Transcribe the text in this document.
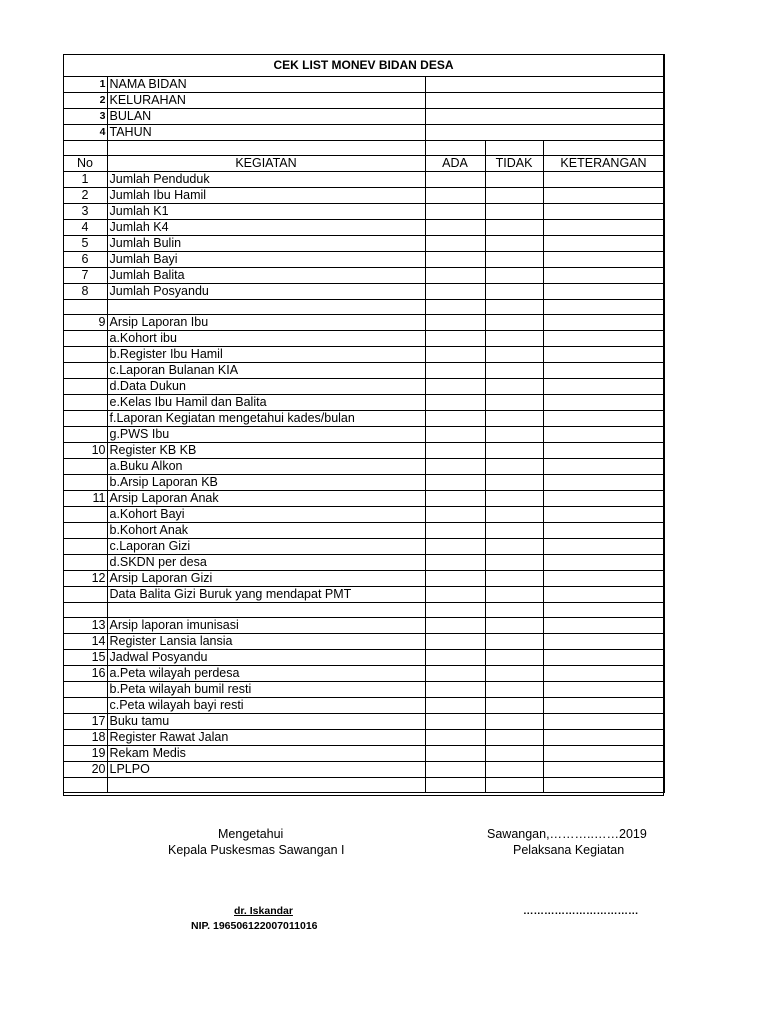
CEK LIST MONEV BIDAN DESA				
1	NAMA BIDAN			
2	KELURAHAN			
3	BULAN			
4	TAHUN			

No	KEGIATAN	ADA	TIDAK	KETERANGAN
1	Jumlah Penduduk			
2	Jumlah Ibu Hamil			
3	Jumlah K1			
4	Jumlah K4			
5	Jumlah Bulin			
6	Jumlah Bayi			
7	Jumlah Balita			
8	Jumlah Posyandu			

9	Arsip Laporan Ibu			
	a.Kohort ibu			
	b.Register Ibu Hamil			
	c.Laporan Bulanan KIA			
	d.Data Dukun			
	e.Kelas Ibu Hamil dan Balita			
	f.Laporan Kegiatan mengetahui kades/bulan			
	g.PWS Ibu			
10	Register KB KB			
	a.Buku Alkon			
	b.Arsip Laporan KB			
11	Arsip Laporan Anak			
	a.Kohort Bayi			
	b.Kohort Anak			
	c.Laporan Gizi			
	d.SKDN per desa			
12	Arsip Laporan Gizi			
	Data Balita Gizi Buruk yang mendapat PMT			

13	Arsip laporan imunisasi			
14	Register Lansia lansia			
15	Jadwal Posyandu			
16	a.Peta wilayah perdesa			
	b.Peta wilayah bumil resti			
	c.Peta wilayah bayi resti			
17	Buku tamu			
18	Register Rawat Jalan			
19	Rekam Medis			
20	LPLPO			

Mengetahui
Kepala Puskesmas Sawangan I
dr. Iskandar
NIP. 196506122007011016
Sawangan,………..……2019
Pelaksana Kegiatan
……………………………
